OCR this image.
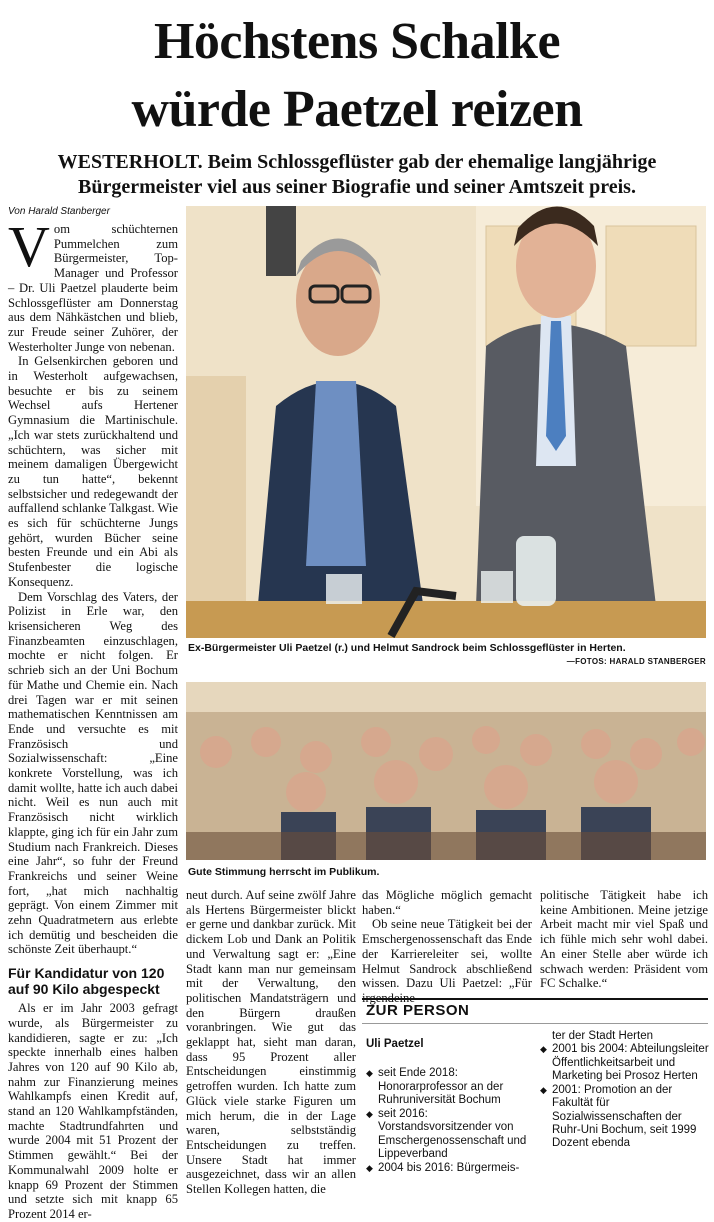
Höchstens Schalke
würde Paetzel reizen
WESTERHOLT. Beim Schlossgeflüster gab der ehemalige langjährige Bürgermeister viel aus seiner Biografie und seiner Amtszeit preis.
Von Harald Stanberger

Vom schüchternen Pummelchen zum Bürgermeister, Top-Manager und Professor – Dr. Uli Paetzel plauderte beim Schlossgeflüster am Donnerstag aus dem Nähkästchen und blieb, zur Freude seiner Zuhörer, der Westerholter Junge von nebenan.

In Gelsenkirchen geboren und in Westerholt aufgewachsen, besuchte er bis zu seinem Wechsel aufs Hertener Gymnasium die Martinischule. „Ich war stets zurückhaltend und schüchtern, was sicher mit meinem damaligen Übergewicht zu tun hatte“, bekennt selbstsicher und redegewandt der auffallend schlanke Talkgast. Wie es sich für schüchterne Jungs gehört, wurden Bücher seine besten Freunde und ein Abi als Stufenbester die logische Konsequenz.

Dem Vorschlag des Vaters, der Polizist in Erle war, den krisensicheren Weg des Finanzbeamten einzuschlagen, mochte er nicht folgen. Er schrieb sich an der Uni Bochum für Mathe und Chemie ein. Nach drei Tagen war er mit seinen mathematischen Kenntnissen am Ende und versuchte es mit Französisch und Sozialwissenschaft: „Eine konkrete Vorstellung, was ich damit wollte, hatte ich auch dabei nicht. Weil es nun auch mit Französisch nicht wirklich klappte, ging ich für ein Jahr zum Studium nach Frankreich. Dieses eine Jahr“, so fuhr der Freund Frankreichs und seiner Weine fort, „hat mich nachhaltig geprägt. Von einem Zimmer mit zehn Quadratmetern aus erlebte ich demütig und bescheiden die schönste Zeit überhaupt.“

Für Kandidatur von 120 auf 90 Kilo abgespeckt

Als er im Jahr 2003 gefragt wurde, als Bürgermeister zu kandidieren, sagte er zu: „Ich speckte innerhalb eines halben Jahres von 120 auf 90 Kilo ab, nahm zur Finanzierung meines Wahlkampfs einen Kredit auf, stand an 120 Wahlkampfständen, machte Stadtrundfahrten und wurde 2004 mit 51 Prozent der Stimmen gewählt.“ Bei der Kommunalwahl 2009 holte er knapp 69 Prozent der Stimmen und setzte sich mit knapp 65 Prozent 2014 er-

Ex-Bürgermeister Uli Paetzel (r.) und Helmut Sandrock beim Schlossgeflüster in Herten.
—FOTOS: HARALD STANBERGER
Gute Stimmung herrscht im Publikum.

neut durch. Auf seine zwölf Jahre als Hertens Bürgermeister blickt er gerne und dankbar zurück. Mit dickem Lob und Dank an Politik und Verwaltung sagt er: „Eine Stadt kann man nur gemeinsam mit der Verwaltung, den politischen Mandatsträgern und den Bürgern draußen voranbringen. Wie gut das geklappt hat, sieht man daran, dass 95 Prozent aller Entscheidungen einstimmig getroffen wurden. Ich hatte zum Glück viele starke Figuren um mich herum, die in der Lage waren, selbstständig Entscheidungen zu treffen. Unsere Stadt hat immer ausgezeichnet, dass wir an allen Stellen Kollegen hatten, die

das Mögliche möglich gemacht haben.“

Ob seine neue Tätigkeit bei der Emschergenossenschaft das Ende der Karriereleiter sei, wollte Helmut Sandrock abschließend wissen. Dazu Uli Paetzel: „Für irgendeine

politische Tätigkeit habe ich keine Ambitionen. Meine jetzige Arbeit macht mir viel Spaß und ich fühle mich sehr wohl dabei. An einer Stelle aber würde ich schwach werden: Präsident vom FC Schalke.“

ZUR PERSON
Uli Paetzel
◆ seit Ende 2018: Honorarprofessor an der Ruhruniversität Bochum
◆ seit 2016: Vorstandsvorsitzender von Emschergenossenschaft und Lippeverband
◆ 2004 bis 2016: Bürgermeis-
ter der Stadt Herten
◆ 2001 bis 2004: Abteilungsleiter Öffentlichkeitsarbeit und Marketing bei Prosoz Herten
◆ 2001: Promotion an der Fakultät für Sozialwissenschaften der Ruhr-Uni Bochum, seit 1999 Dozent ebenda
